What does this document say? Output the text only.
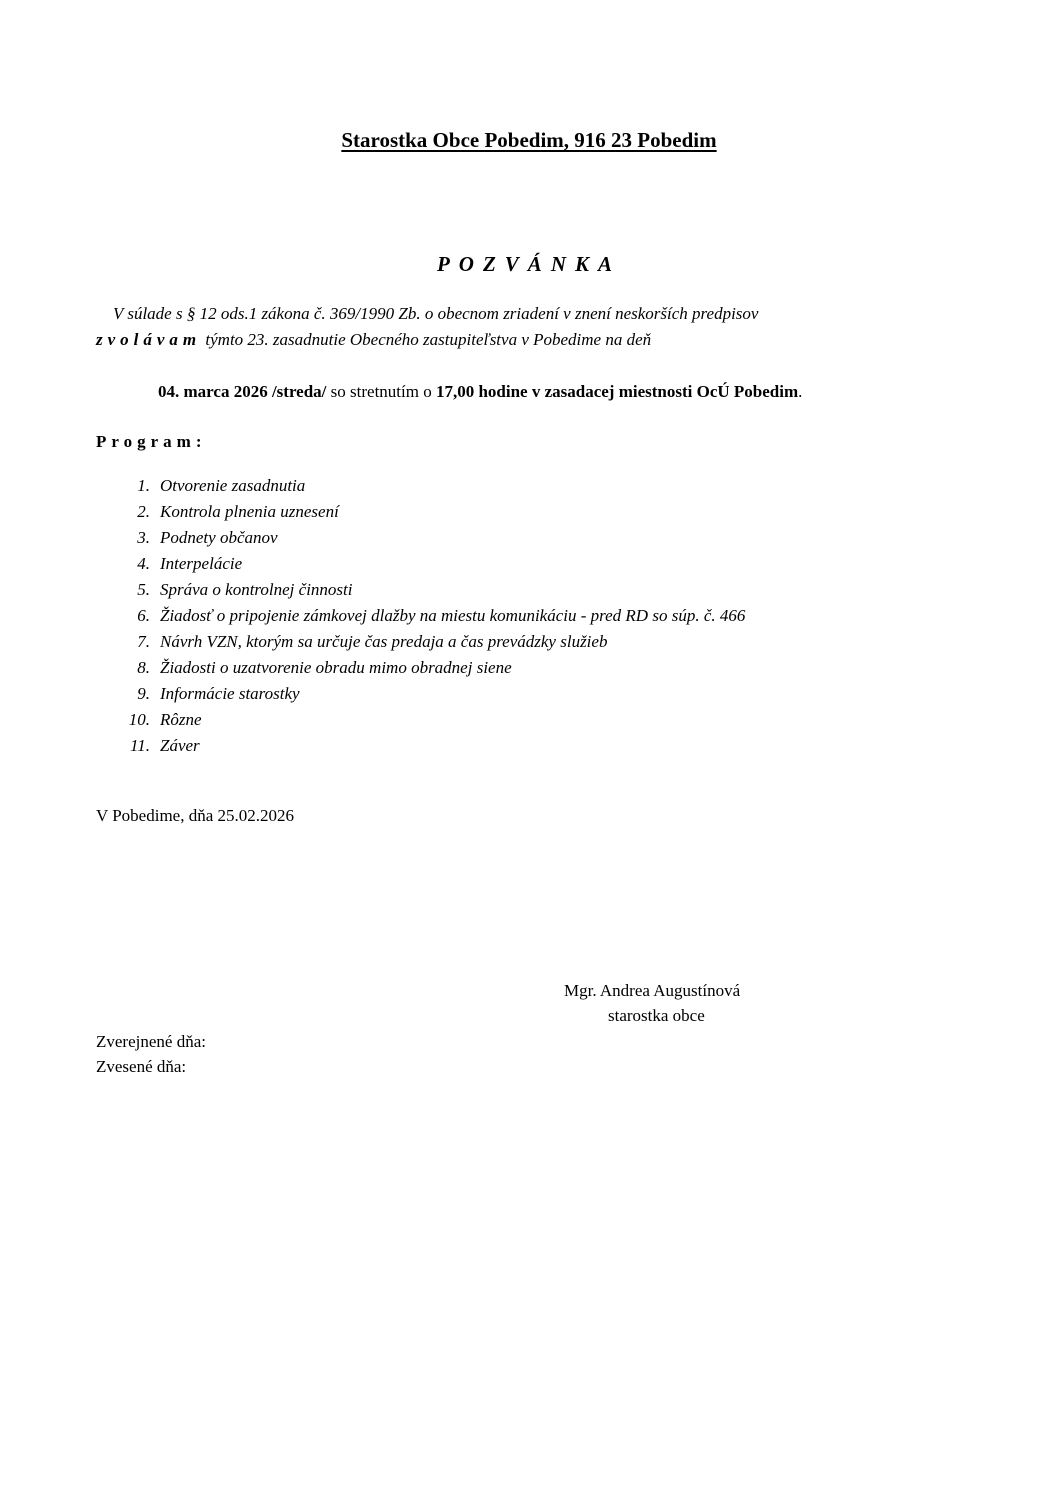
Starostka Obce Pobedim, 916 23 Pobedim
POZVÁNKA
V súlade s § 12 ods.1 zákona č. 369/1990 Zb. o obecnom zriadení v znení neskorších predpisov
zvolávam týmto 23. zasadnutie Obecného zastupiteľstva v Pobedime na deň
04. marca 2026 /streda/ so stretnutím o 17,00 hodine v zasadacej miestnosti OcÚ Pobedim.
Program:
1. Otvorenie zasadnutia
2. Kontrola plnenia uznesení
3. Podnety občanov
4. Interpelácie
5. Správa o kontrolnej činnosti
6. Žiadosť o pripojenie zámkovej dlažby na miestu komunikáciu - pred RD so súp. č. 466
7. Návrh VZN, ktorým sa určuje čas predaja a čas prevádzky služieb
8. Žiadosti o uzatvorenie obradu mimo obradnej siene
9. Informácie starostky
10. Rôzne
11. Záver
V Pobedime, dňa 25.02.2026
Mgr. Andrea Augustínová
starostka obce
Zverejnené dňa:
Zvesené dňa:
